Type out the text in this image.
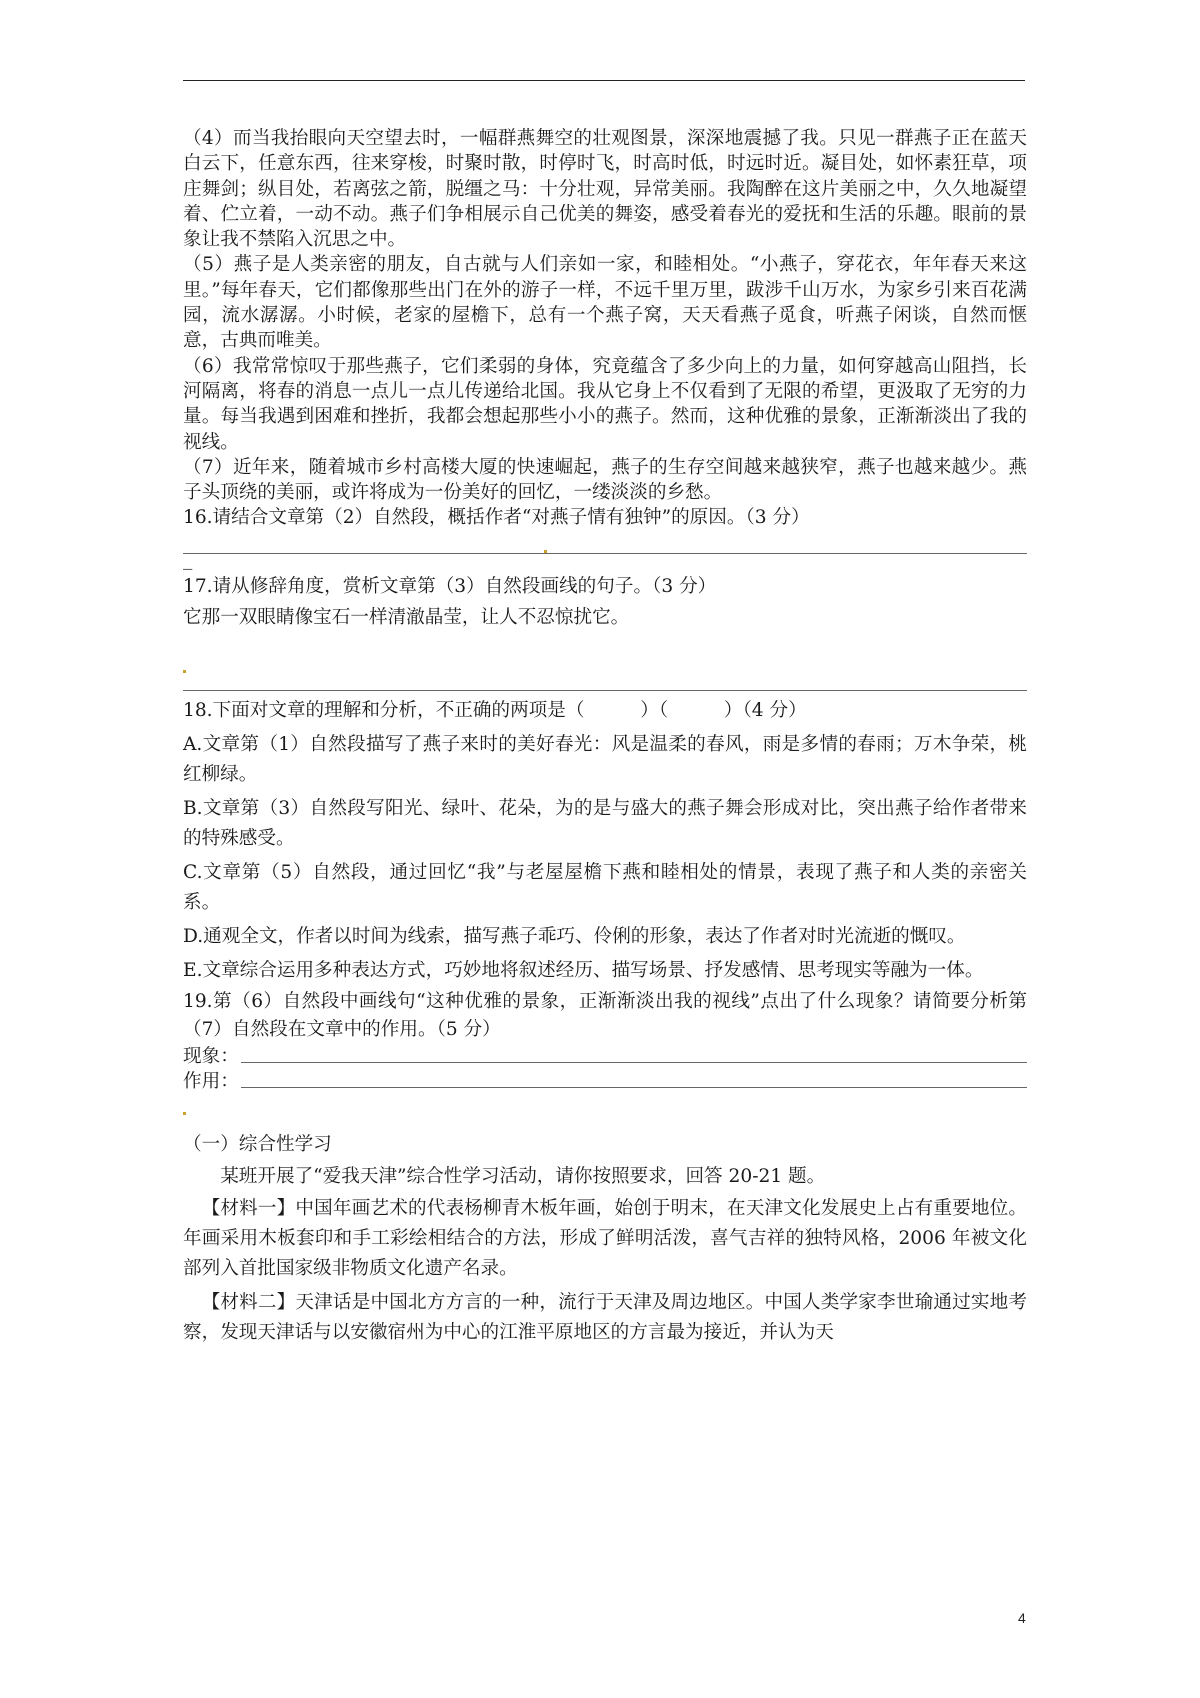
（4）而当我抬眼向天空望去时，一幅群燕舞空的壮观图景，深深地震撼了我。只见一群燕子正在蓝天白云下，任意东西，往来穿梭，时聚时散，时停时飞，时高时低，时远时近。凝目处，如怀素狂草，项庄舞剑；纵目处，若离弦之箭，脱缰之马：十分壮观，异常美丽。我陶醉在这片美丽之中，久久地凝望着、伫立着，一动不动。燕子们争相展示自己优美的舞姿，感受着春光的爱抚和生活的乐趣。眼前的景象让我不禁陷入沉思之中。

（5）燕子是人类亲密的朋友，自古就与人们亲如一家，和睦相处。“小燕子，穿花衣，年年春天来这里。”每年春天，它们都像那些出门在外的游子一样，不远千里万里，跋涉千山万水，为家乡引来百花满园，流水潺潺。小时候，老家的屋檐下，总有一个燕子窝，天天看燕子觅食，听燕子闲谈，自然而惬意，古典而唯美。

（6）我常常惊叹于那些燕子，它们柔弱的身体，究竟蕴含了多少向上的力量，如何穿越高山阻挡，长河隔离，将春的消息一点儿一点儿传递给北国。我从它身上不仅看到了无限的希望，更汲取了无穷的力量。每当我遇到困难和挫折，我都会想起那些小小的燕子。然而，这种优雅的景象，正渐渐淡出了我的视线。

（7）近年来，随着城市乡村高楼大厦的快速崛起，燕子的生存空间越来越狭窄，燕子也越来越少。燕子头顶绕的美丽，或许将成为一份美好的回忆，一缕淡淡的乡愁。

16.请结合文章第（2）自然段，概括作者“对燕子情有独钟”的原因。（3 分）

_

17.请从修辞角度，赏析文章第（3）自然段画线的句子。（3 分）

它那一双眼睛像宝石一样清澈晶莹，让人不忍惊扰它。

18.下面对文章的理解和分析，不正确的两项是（　　　）（　　　）（4 分）

A.文章第（1）自然段描写了燕子来时的美好春光：风是温柔的春风，雨是多情的春雨；万木争荣，桃红柳绿。

B.文章第（3）自然段写阳光、绿叶、花朵，为的是与盛大的燕子舞会形成对比，突出燕子给作者带来的特殊感受。

C.文章第（5）自然段，通过回忆“我”与老屋屋檐下燕和睦相处的情景，表现了燕子和人类的亲密关系。

D.通观全文，作者以时间为线索，描写燕子乖巧、伶俐的形象，表达了作者对时光流逝的慨叹。

E.文章综合运用多种表达方式，巧妙地将叙述经历、描写场景、抒发感情、思考现实等融为一体。

19.第（6）自然段中画线句“这种优雅的景象，正渐渐淡出我的视线”点出了什么现象？请简要分析第（7）自然段在文章中的作用。（5 分）

现象：
作用：

（一）综合性学习

某班开展了“爱我天津”综合性学习活动，请你按照要求，回答 20-21 题。

【材料一】中国年画艺术的代表杨柳青木板年画，始创于明末，在天津文化发展史上占有重要地位。年画采用木板套印和手工彩绘相结合的方法，形成了鲜明活泼，喜气吉祥的独特风格，2006 年被文化部列入首批国家级非物质文化遗产名录。

【材料二】天津话是中国北方方言的一种，流行于天津及周边地区。中国人类学家李世瑜通过实地考察，发现天津话与以安徽宿州为中心的江淮平原地区的方言最为接近，并认为天

4
